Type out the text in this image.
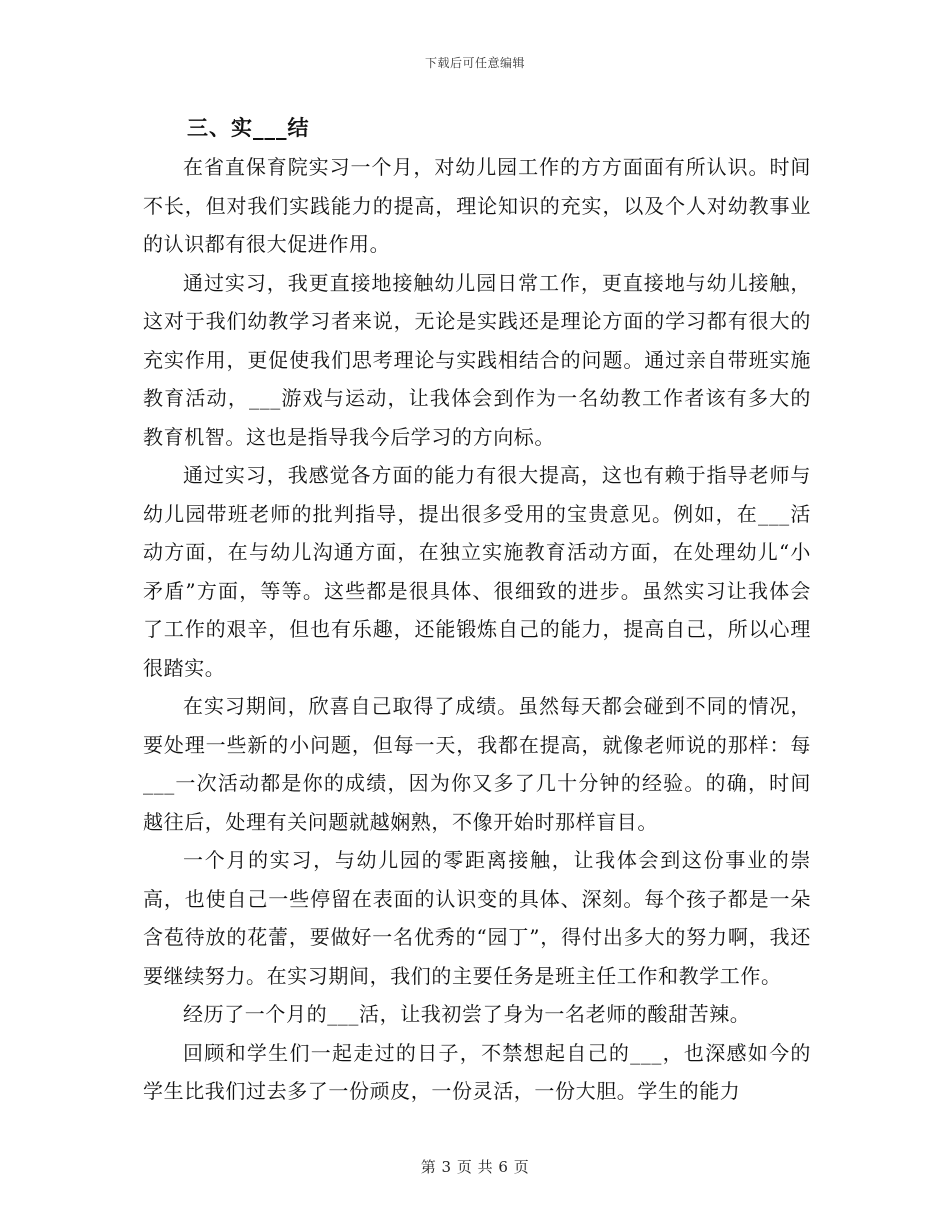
下载后可任意编辑
三、实___结

在省直保育院实习一个月，对幼儿园工作的方方面面有所认识。时间不长，但对我们实践能力的提高，理论知识的充实，以及个人对幼教事业的认识都有很大促进作用。

通过实习，我更直接地接触幼儿园日常工作，更直接地与幼儿接触，这对于我们幼教学习者来说，无论是实践还是理论方面的学习都有很大的充实作用，更促使我们思考理论与实践相结合的问题。通过亲自带班实施教育活动，___游戏与运动，让我体会到作为一名幼教工作者该有多大的教育机智。这也是指导我今后学习的方向标。

通过实习，我感觉各方面的能力有很大提高，这也有赖于指导老师与幼儿园带班老师的批判指导，提出很多受用的宝贵意见。例如，在___活动方面，在与幼儿沟通方面，在独立实施教育活动方面，在处理幼儿“小矛盾”方面，等等。这些都是很具体、很细致的进步。虽然实习让我体会了工作的艰辛，但也有乐趣，还能锻炼自己的能力，提高自己，所以心理很踏实。

在实习期间，欣喜自己取得了成绩。虽然每天都会碰到不同的情况，要处理一些新的小问题，但每一天，我都在提高，就像老师说的那样：每___一次活动都是你的成绩，因为你又多了几十分钟的经验。的确，时间越往后，处理有关问题就越娴熟，不像开始时那样盲目。

一个月的实习，与幼儿园的零距离接触，让我体会到这份事业的崇高，也使自己一些停留在表面的认识变的具体、深刻。每个孩子都是一朵含苞待放的花蕾，要做好一名优秀的“园丁”，得付出多大的努力啊，我还要继续努力。在实习期间，我们的主要任务是班主任工作和教学工作。

经历了一个月的___活，让我初尝了身为一名老师的酸甜苦辣。

回顾和学生们一起走过的日子，不禁想起自己的___，也深感如今的学生比我们过去多了一份顽皮，一份灵活，一份大胆。学生的能力

第 3 页 共 6 页
